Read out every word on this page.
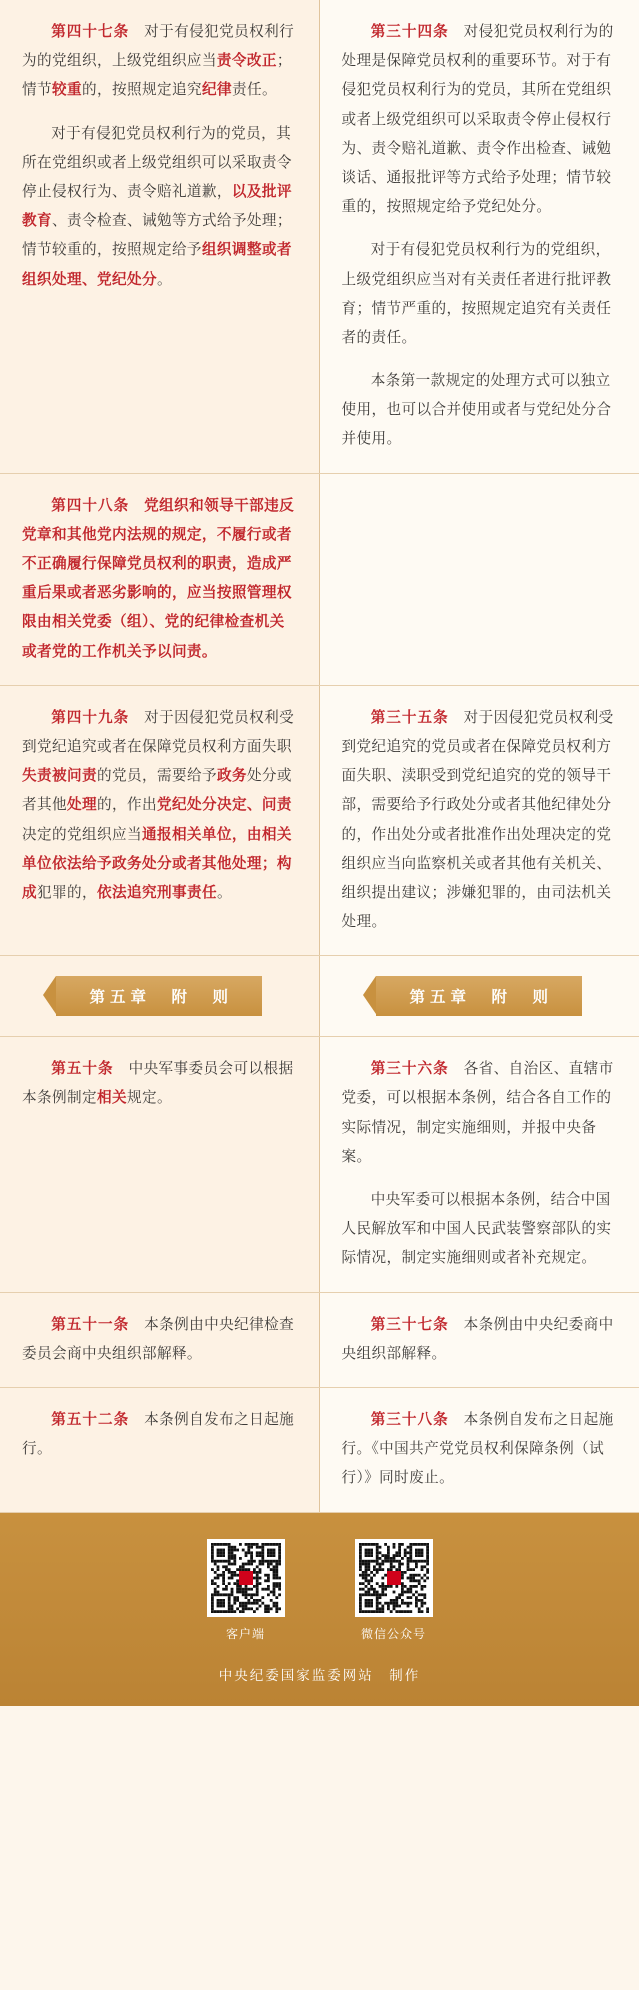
第四十七条　对于有侵犯党员权利行为的党组织，上级党组织应当责令改正；情节较重的，按照规定追究纪律责任。

对于有侵犯党员权利行为的党员，其所在党组织或者上级党组织可以采取责令停止侵权行为、责令赔礼道歉，以及批评教育、责令检查、诫勉等方式给予处理；情节较重的，按照规定给予组织调整或者组织处理、党纪处分。

第三十四条　对侵犯党员权利行为的处理是保障党员权利的重要环节。对于有侵犯党员权利行为的党员，其所在党组织或者上级党组织可以采取责令停止侵权行为、责令赔礼道歉、责令作出检查、诫勉谈话、通报批评等方式给予处理；情节较重的，按照规定给予党纪处分。

对于有侵犯党员权利行为的党组织，上级党组织应当对有关责任者进行批评教育；情节严重的，按照规定追究有关责任者的责任。

本条第一款规定的处理方式可以独立使用，也可以合并使用或者与党纪处分合并使用。

第四十八条　党组织和领导干部违反党章和其他党内法规的规定，不履行或者不正确履行保障党员权利的职责，造成严重后果或者恶劣影响的，应当按照管理权限由相关党委（组）、党的纪律检查机关或者党的工作机关予以问责。

第四十九条　对于因侵犯党员权利受到党纪追究或者在保障党员权利方面失职失责被问责的党员，需要给予政务处分或者其他处理的，作出党纪处分决定、问责决定的党组织应当通报相关单位，由相关单位依法给予政务处分或者其他处理；构成犯罪的，依法追究刑事责任。

第三十五条　对于因侵犯党员权利受到党纪追究的党员或者在保障党员权利方面失职、渎职受到党纪追究的党的领导干部，需要给予行政处分或者其他纪律处分的，作出处分或者批准作出处理决定的党组织应当向监察机关或者其他有关机关、组织提出建议；涉嫌犯罪的，由司法机关处理。

第五章　附　则	第五章　附　则

第五十条　中央军事委员会可以根据本条例制定相关规定。

第三十六条　各省、自治区、直辖市党委，可以根据本条例，结合各自工作的实际情况，制定实施细则，并报中央备案。

中央军委可以根据本条例，结合中国人民解放军和中国人民武装警察部队的实际情况，制定实施细则或者补充规定。

第五十一条　本条例由中央纪律检查委员会商中央组织部解释。

第三十七条　本条例由中央纪委商中央组织部解释。

第五十二条　本条例自发布之日起施行。

第三十八条　本条例自发布之日起施行。《中国共产党党员权利保障条例（试行）》同时废止。

客户端	微信公众号
中央纪委国家监委网站　制作
